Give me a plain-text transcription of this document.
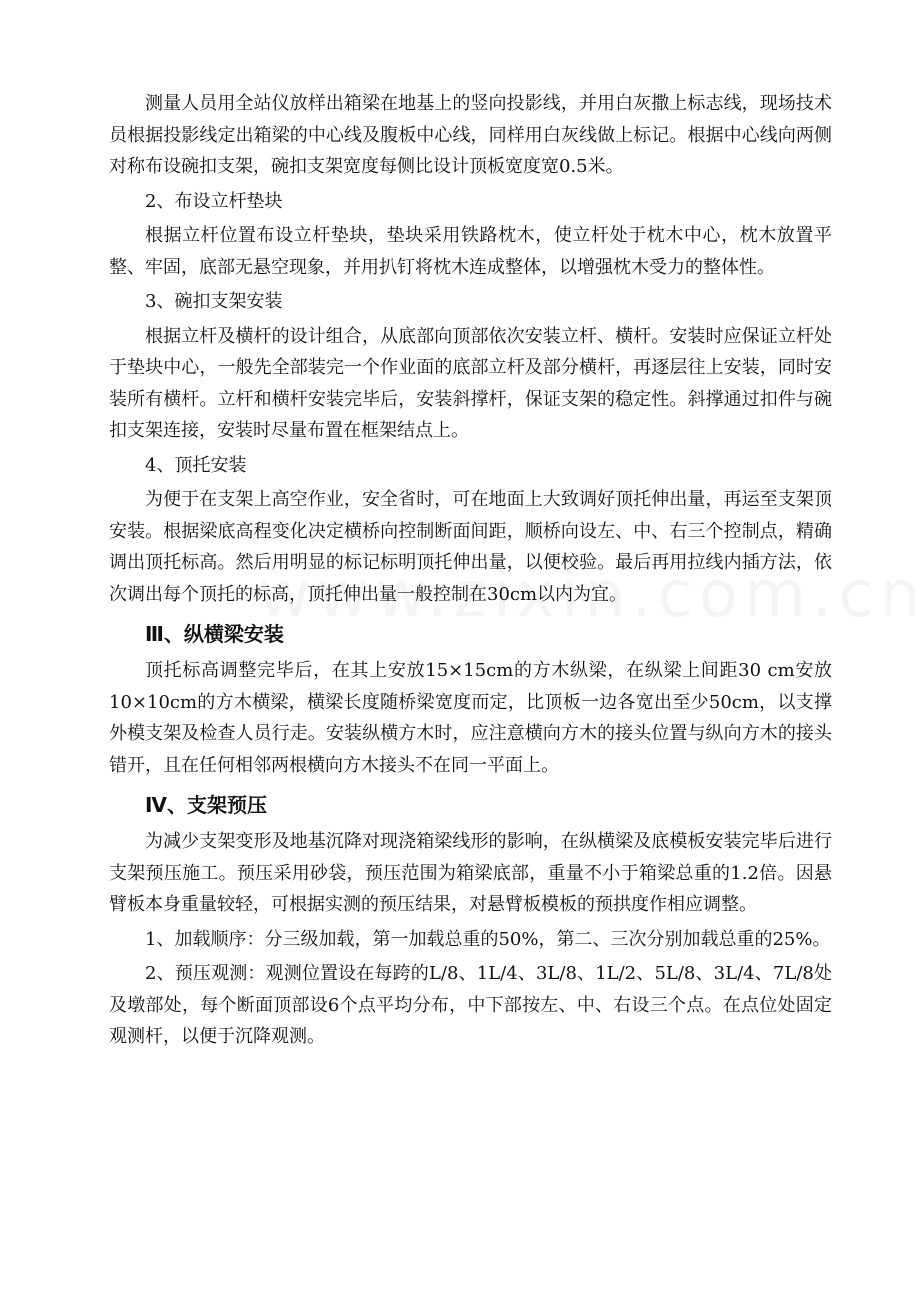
测量人员用全站仪放样出箱梁在地基上的竖向投影线，并用白灰撒上标志线，现场技术员根据投影线定出箱梁的中心线及腹板中心线，同样用白灰线做上标记。根据中心线向两侧对称布设碗扣支架，碗扣支架宽度每侧比设计顶板宽度宽0.5米。

2、布设立杆垫块

根据立杆位置布设立杆垫块，垫块采用铁路枕木，使立杆处于枕木中心，枕木放置平整、牢固，底部无悬空现象，并用扒钉将枕木连成整体，以增强枕木受力的整体性。

3、碗扣支架安装

根据立杆及横杆的设计组合，从底部向顶部依次安装立杆、横杆。安装时应保证立杆处于垫块中心，一般先全部装完一个作业面的底部立杆及部分横杆，再逐层往上安装，同时安装所有横杆。立杆和横杆安装完毕后，安装斜撑杆，保证支架的稳定性。斜撑通过扣件与碗扣支架连接，安装时尽量布置在框架结点上。

4、顶托安装

为便于在支架上高空作业，安全省时，可在地面上大致调好顶托伸出量，再运至支架顶安装。根据梁底高程变化决定横桥向控制断面间距，顺桥向设左、中、右三个控制点，精确调出顶托标高。然后用明显的标记标明顶托伸出量，以便校验。最后再用拉线内插方法，依次调出每个顶托的标高，顶托伸出量一般控制在30cm以内为宜。

Ⅲ、纵横梁安装

顶托标高调整完毕后，在其上安放15×15cm的方木纵梁，在纵梁上间距30 cm安放10×10cm的方木横梁，横梁长度随桥梁宽度而定，比顶板一边各宽出至少50cm，以支撑外模支架及检查人员行走。安装纵横方木时，应注意横向方木的接头位置与纵向方木的接头错开，且在任何相邻两根横向方木接头不在同一平面上。

Ⅳ、支架预压

为减少支架变形及地基沉降对现浇箱梁线形的影响，在纵横梁及底模板安装完毕后进行支架预压施工。预压采用砂袋，预压范围为箱梁底部，重量不小于箱梁总重的1.2倍。因悬臂板本身重量较轻，可根据实测的预压结果，对悬臂板模板的预拱度作相应调整。

1、加载顺序：分三级加载，第一加载总重的50%，第二、三次分别加载总重的25%。

2、预压观测：观测位置设在每跨的L/8、1L/4、3L/8、1L/2、5L/8、3L/4、7L/8处及墩部处，每个断面顶部设6个点平均分布，中下部按左、中、右设三个点。在点位处固定观测杆，以便于沉降观测。
